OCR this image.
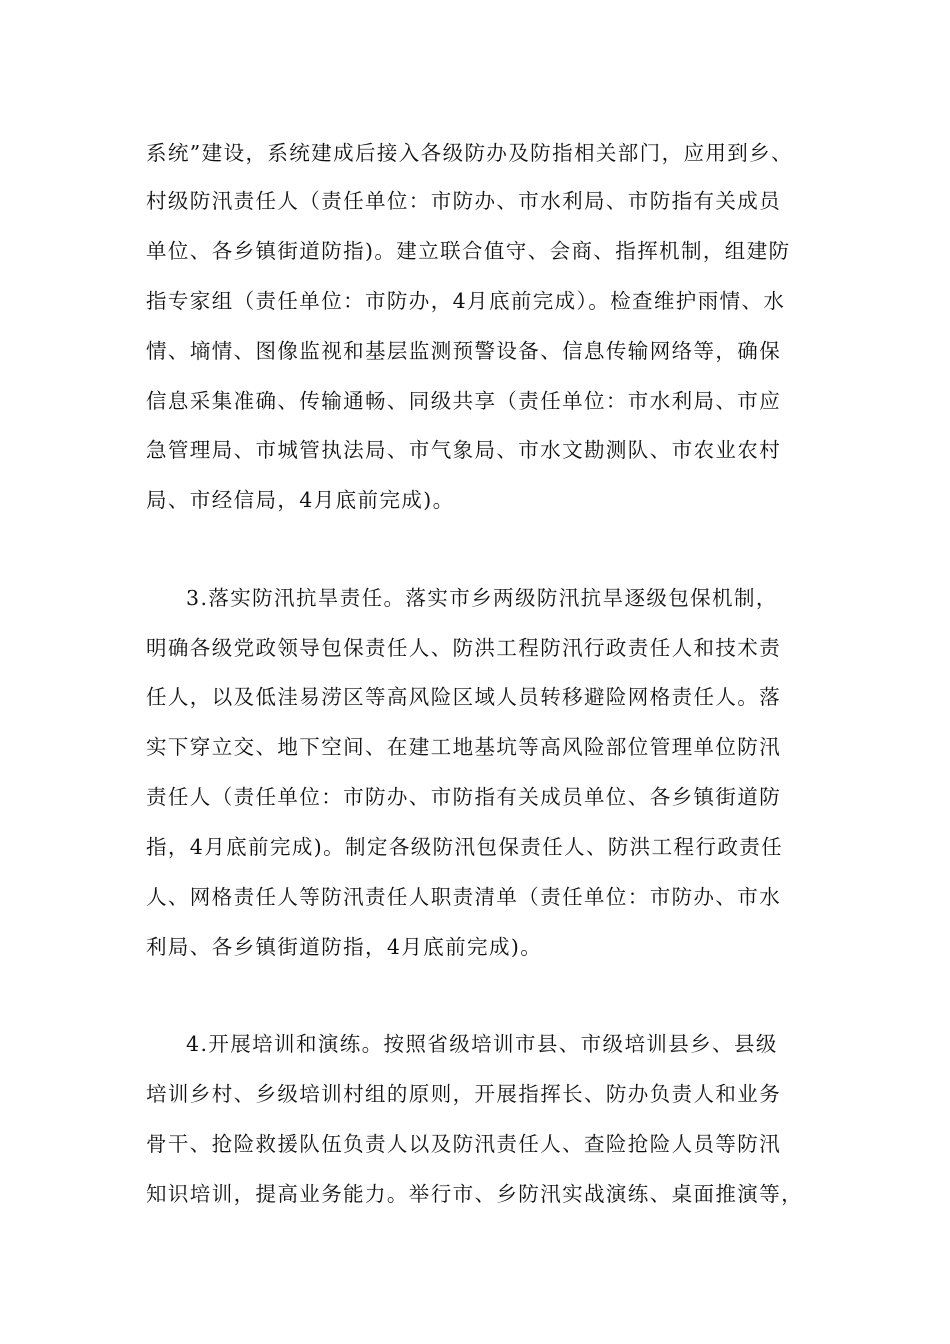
系统”建设，系统建成后接入各级防办及防指相关部门，应用到乡、
村级防汛责任人（责任单位：市防办、市水利局、市防指有关成员
单位、各乡镇街道防指)。建立联合值守、会商、指挥机制，组建防
指专家组（责任单位：市防办，4月底前完成）。检查维护雨情、水
情、墒情、图像监视和基层监测预警设备、信息传输网络等，确保
信息采集准确、传输通畅、同级共享（责任单位：市水利局、市应
急管理局、市城管执法局、市气象局、市水文勘测队、市农业农村
局、市经信局，4月底前完成)。
3.落实防汛抗旱责任。落实市乡两级防汛抗旱逐级包保机制，
明确各级党政领导包保责任人、防洪工程防汛行政责任人和技术责
任人，以及低洼易涝区等高风险区域人员转移避险网格责任人。落
实下穿立交、地下空间、在建工地基坑等高风险部位管理单位防汛
责任人（责任单位：市防办、市防指有关成员单位、各乡镇街道防
指，4月底前完成)。制定各级防汛包保责任人、防洪工程行政责任
人、网格责任人等防汛责任人职责清单（责任单位：市防办、市水
利局、各乡镇街道防指，4月底前完成)。
4.开展培训和演练。按照省级培训市县、市级培训县乡、县级
培训乡村、乡级培训村组的原则，开展指挥长、防办负责人和业务
骨干、抢险救援队伍负责人以及防汛责任人、查险抢险人员等防汛
知识培训，提高业务能力。举行市、乡防汛实战演练、桌面推演等，
